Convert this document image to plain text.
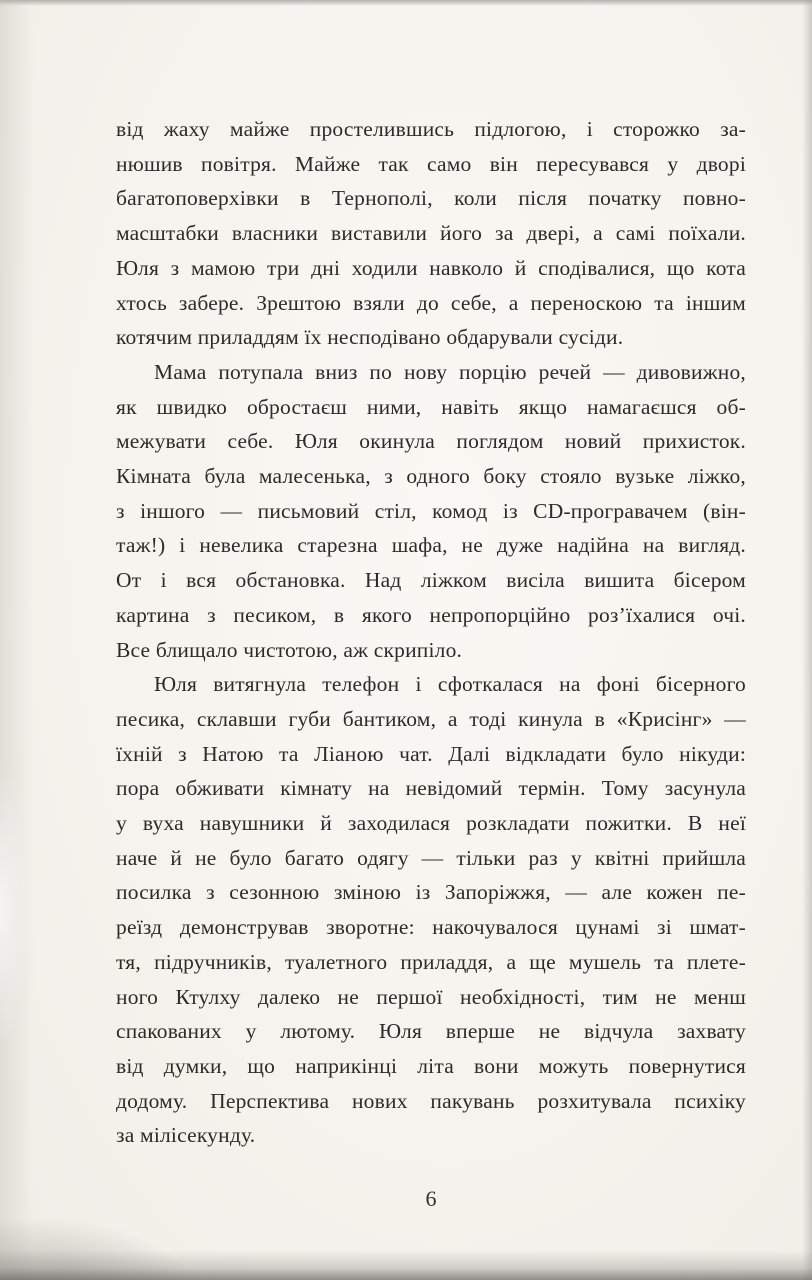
від жаху майже простелившись підлогою, і сторожко за-
нюшив повітря. Майже так само він пересувався у дворі
багатоповерхівки в Тернополі, коли після початку повно-
масштабки власники виставили його за двері, а самі поїхали.
Юля з мамою три дні ходили навколо й сподівалися, що кота
хтось забере. Зрештою взяли до себе, а переноскою та іншим
котячим приладдям їх несподівано обдарували сусіди.
Мама потупала вниз по нову порцію речей — дивовижно,
як швидко обростаєш ними, навіть якщо намагаєшся об-
межувати себе. Юля окинула поглядом новий прихисток.
Кімната була малесенька, з одного боку стояло вузьке ліжко,
з іншого — письмовий стіл, комод із CD-програвачем (він-
таж!) і невелика старезна шафа, не дуже надійна на вигляд.
От і вся обстановка. Над ліжком висіла вишита бісером
картина з песиком, в якого непропорційно роз’їхалися очі.
Все блищало чистотою, аж скрипіло.
Юля витягнула телефон і сфоткалася на фоні бісерного
песика, склавши губи бантиком, а тоді кинула в «Крисінг» —
їхній з Натою та Ліаною чат. Далі відкладати було нікуди:
пора обживати кімнату на невідомий термін. Тому засунула
у вуха навушники й заходилася розкладати пожитки. В неї
наче й не було багато одягу — тільки раз у квітні прийшла
посилка з сезонною зміною із Запоріжжя, — але кожен пе-
реїзд демонстрував зворотне: накочувалося цунамі зі шмат-
тя, підручників, туалетного приладдя, а ще мушель та плете-
ного Ктулху далеко не першої необхідності, тим не менш
спакованих у лютому. Юля вперше не відчула захвату
від думки, що наприкінці літа вони можуть повернутися
додому. Перспектива нових пакувань розхитувала психіку
за мілісекунду.
6
